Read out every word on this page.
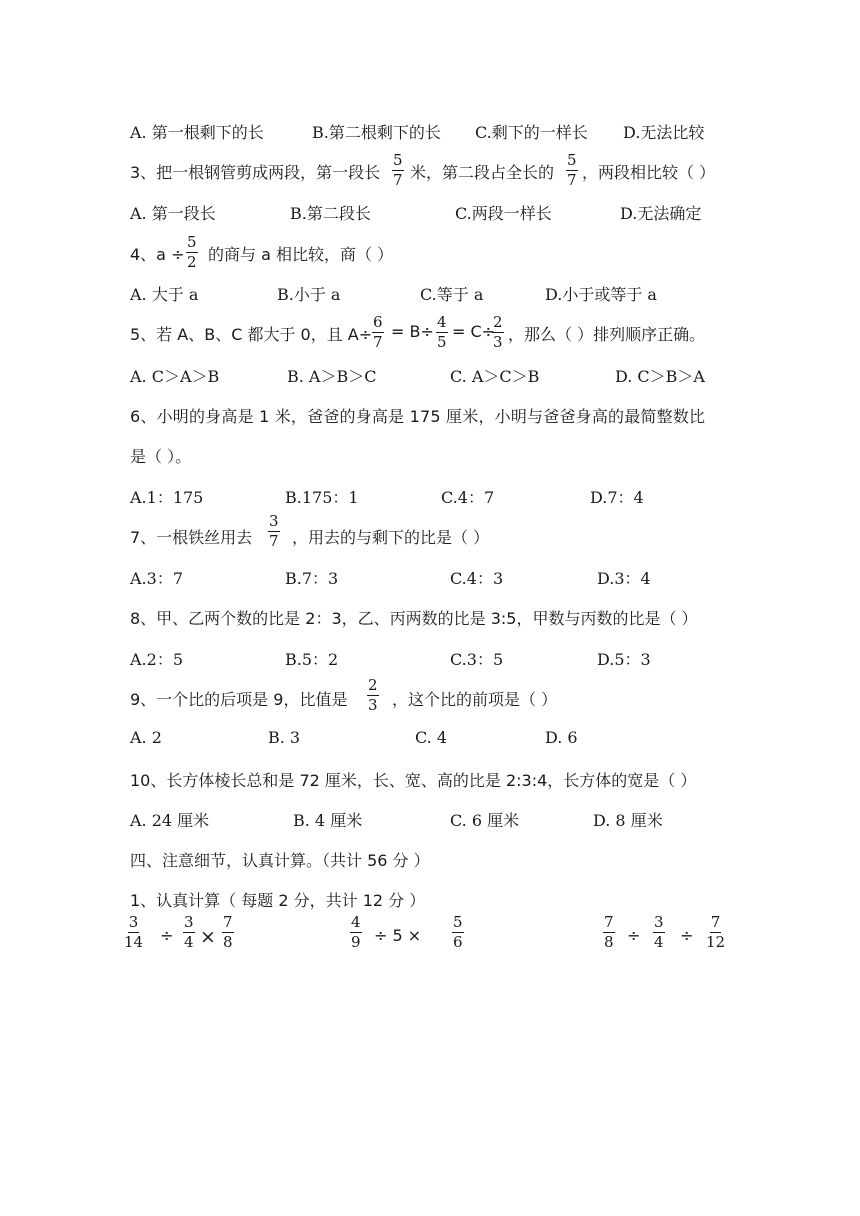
A. 第一根剩下的长	B.第二根剩下的长 C.剩下的一样长 D.无法比较
3、把一根钢管剪成两段，第一段长 $\frac{5}{7}$ 米，第二段占全长的 $\frac{5}{7}$ ，两段相比较（ ）
A. 第一段长	B.第二段长	C.两段一样长	D.无法确定
4、$a \div \frac{5}{2}$ 的商与 a 相比较，商（ ）
A. 大于 a	B.小于 a	C.等于 a	D.小于或等于 a
5、若 A、B、C 都大于 0，且 $A\div \frac{6}{7} = B\div \frac{4}{5} = C\div$
$\frac{2}{3}$ ，那么（ ）排列顺序正确。
A. C＞A＞B	B. A＞B＞C	C. A＞C＞B	D. C＞B＞A
6、小明的身高是 1 米，爸爸的身高是 175 厘米，小明与爸爸身高的最简整数比
是（ ）。
A.1：175	B.175：1	C.4：7	D.7：4
7、一根铁丝用去 $\frac{3}{7}$ ，用去的与剩下的比是（ ）
A.3：7	B.7：3	C.4：3	D.3：4
8、甲、乙两个数的比是 2：3，乙、丙两数的比是 3:5，甲数与丙数的比是（ ）
A.2：5	B.5：2	C.3：5	D.5：3
9、一个比的后项是 9，比值是 $\frac{2}{3}$ ，这个比的前项是（ ）
A. 2	B. 3	C. 4	D. 6
10、长方体棱长总和是 72 厘米，长、宽、高的比是 2:3:4，长方体的宽是（ ）
A. 24 厘米	B. 4 厘米	C. 6 厘米	D. 8 厘米
四、注意细节，认真计算。（共计 56 分 ）
1、认真计算（ 每题 2 分，共计 12 分 ）
$\frac{3}{14} \div \frac{3}{4} \times \frac{7}{8}$	$\frac{4}{9} \div 5 \times \frac{5}{6}$	$\frac{7}{8} \div \frac{3}{4} \div \frac{7}{12}$
